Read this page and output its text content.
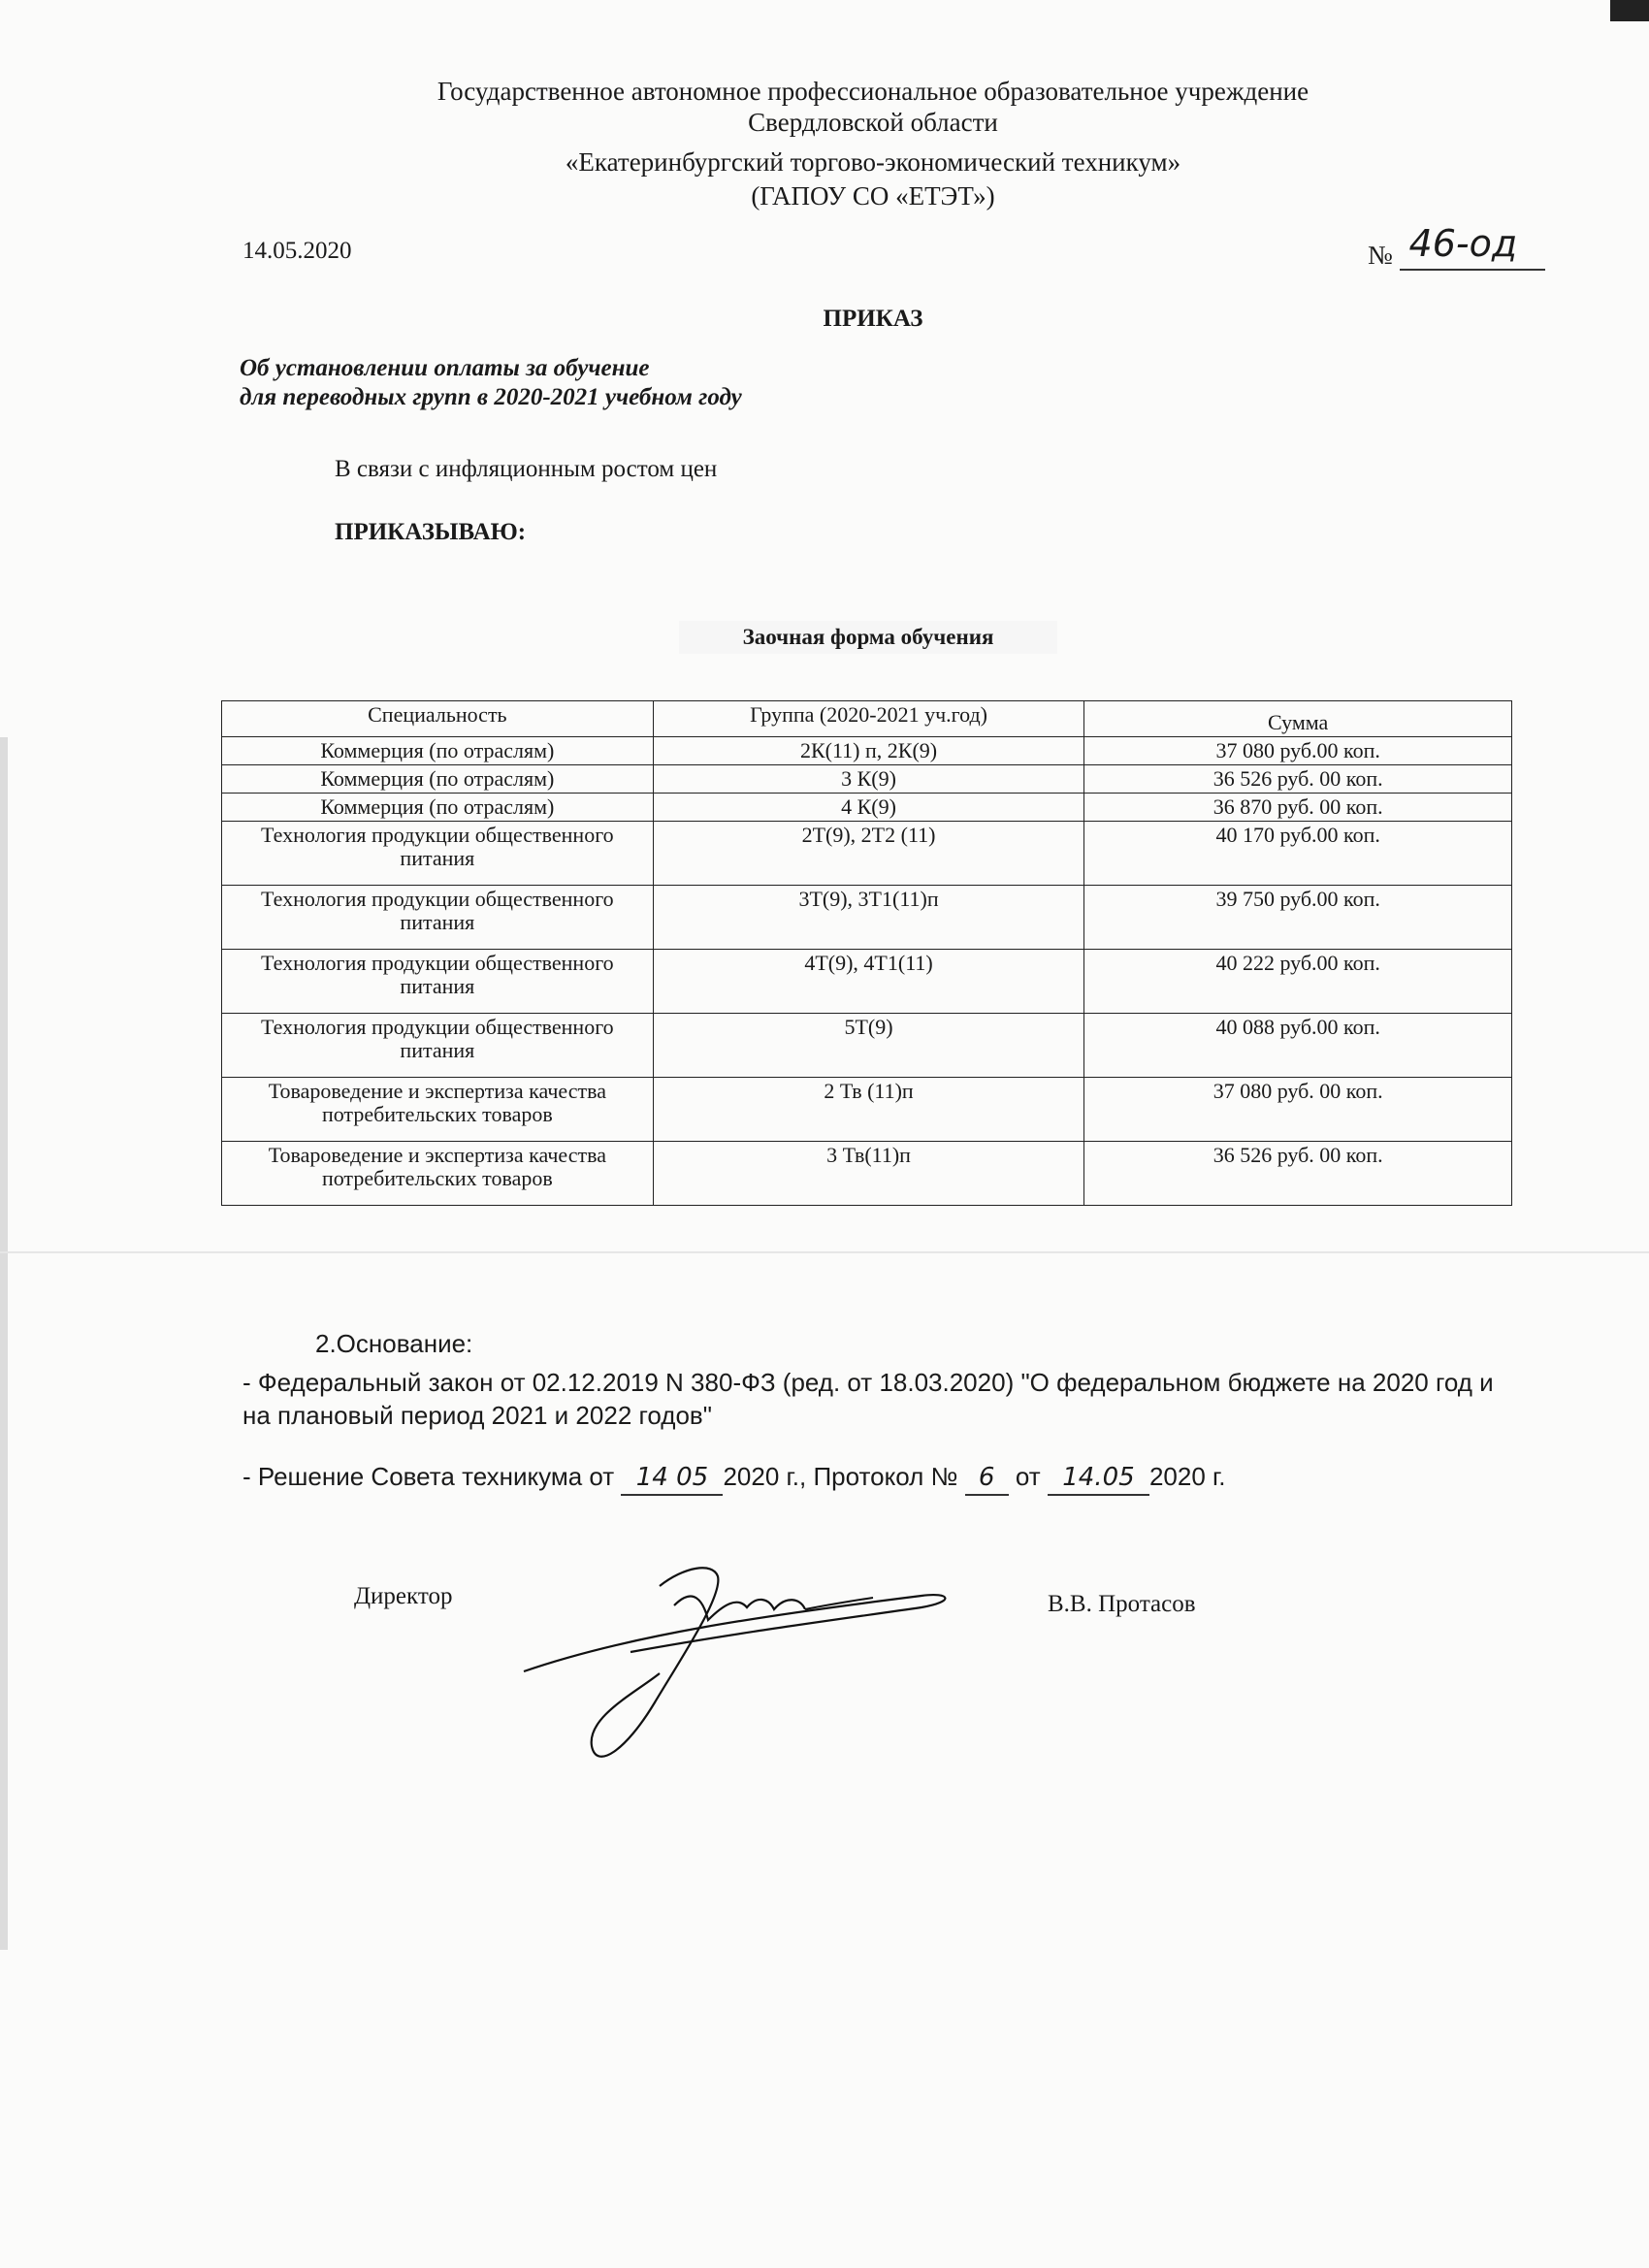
Государственное автономное профессиональное образовательное учреждение
Свердловской области
«Екатеринбургский торгово-экономический техникум»
(ГАПОУ СО «ЕТЭТ»)
14.05.2020	№ 46-од
ПРИКАЗ
Об установлении оплаты за обучение
для переводных групп в 2020-2021 учебном году
В связи с инфляционным ростом цен
ПРИКАЗЫВАЮ:
Заочная форма обучения
Специальность	Группа (2020-2021 уч.год)	Сумма
Коммерция (по отраслям)	2К(11) п, 2К(9)	37 080 руб.00 коп.
Коммерция (по отраслям)	3 К(9)	36 526 руб. 00 коп.
Коммерция (по отраслям)	4 К(9)	36 870 руб. 00 коп.
Технология продукции общественного питания	2Т(9), 2Т2 (11)	40 170 руб.00 коп.
Технология продукции общественного питания	3Т(9), 3Т1(11)п	39 750 руб.00 коп.
Технология продукции общественного питания	4Т(9), 4Т1(11)	40 222 руб.00 коп.
Технология продукции общественного питания	5Т(9)	40 088 руб.00 коп.
Товароведение и экспертиза качества потребительских товаров	2 Тв (11)п	37 080 руб. 00 коп.
Товароведение и экспертиза качества потребительских товаров	3 Тв(11)п	36 526 руб. 00 коп.
2.Основание:
- Федеральный закон от 02.12.2019 N 380-ФЗ (ред. от 18.03.2020) "О федеральном бюджете на 2020 год и на плановый период 2021 и 2022 годов"
- Решение Совета техникума от 14 05 2020 г., Протокол № 6 от 14.05 2020 г.
Директор	В.В. Протасов
